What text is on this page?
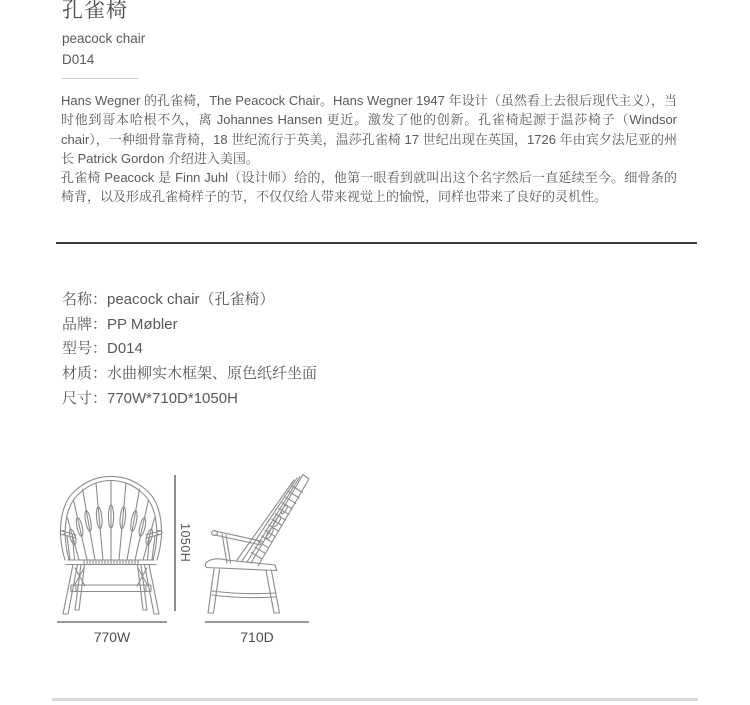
孔雀椅
peacock chair
D014

Hans Wegner 的孔雀椅，The Peacock Chair。Hans Wegner 1947 年设计（虽然看上去很后现代主义），当时他到哥本哈根不久，离 Johannes Hansen 更近。激发了他的创新。孔雀椅起源于温莎椅子（Windsor chair），一种细骨靠背椅，18 世纪流行于英美，温莎孔雀椅 17 世纪出现在英国，1726 年由宾夕法尼亚的州长 Patrick Gordon 介绍进入美国。

孔雀椅 Peacock 是 Finn Juhl（设计师）给的，他第一眼看到就叫出这个名字然后一直延续至今。细骨条的椅背，以及形成孔雀椅样子的节，不仅仅给人带来视觉上的愉悦，同样也带来了良好的灵机性。

名称：peacock chair（孔雀椅）
品牌：PP Møbler
型号：D014
材质：水曲柳实木框架、原色纸纤坐面
尺寸：770W*710D*1050H
1050H
770W	710D
